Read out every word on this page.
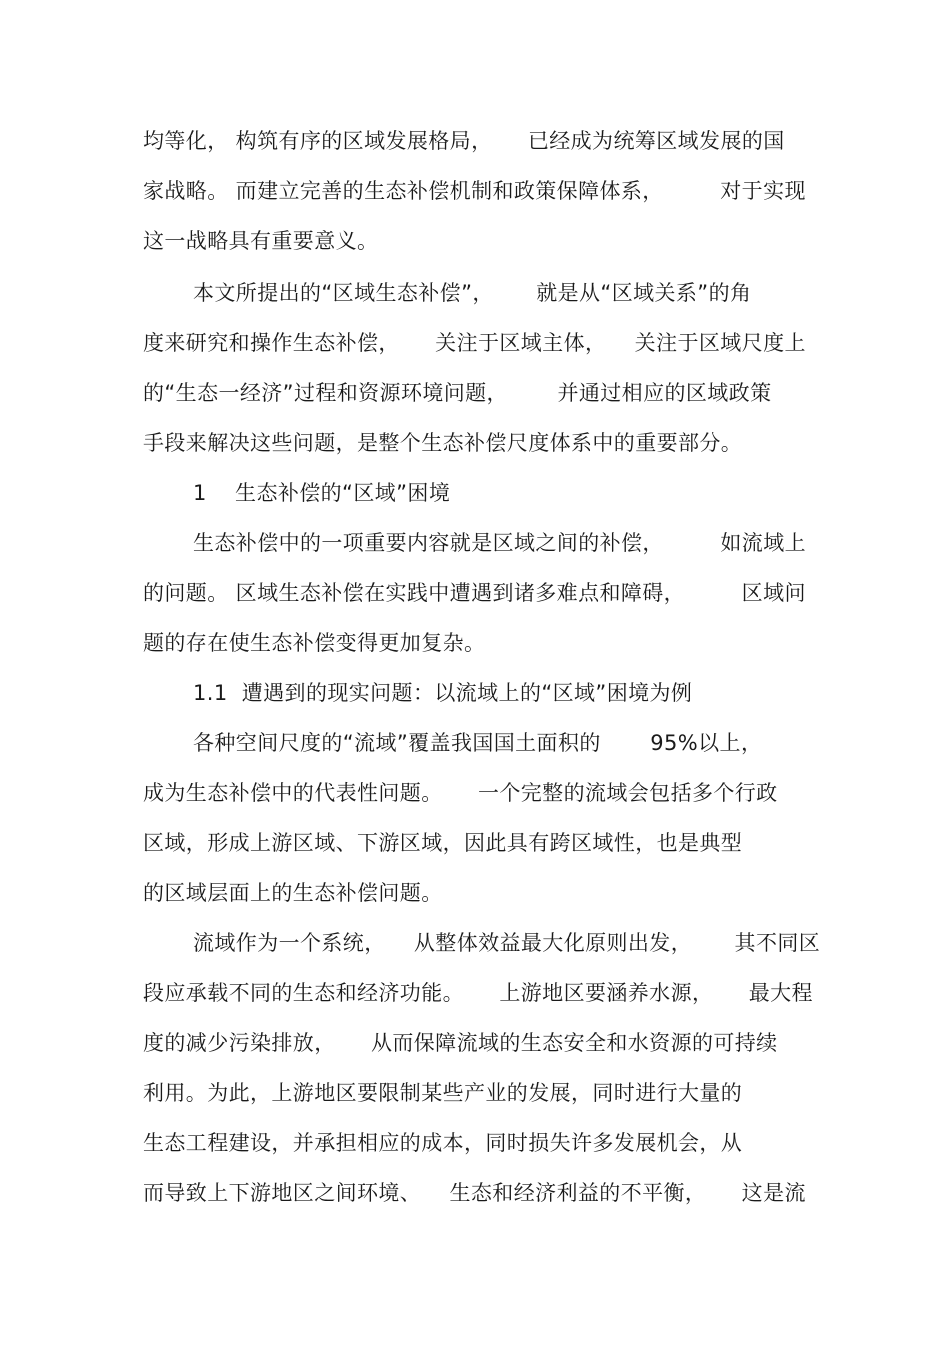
均等化， 构筑有序的区域发展格局，     已经成为统筹区域发展的国
家战略。 而建立完善的生态补偿机制和政策保障体系，        对于实现
这一战略具有重要意义。
本文所提出的“区域生态补偿”，      就是从“区域关系”的角
度来研究和操作生态补偿，     关注于区域主体，    关注于区域尺度上
的“生态一经济”过程和资源环境问题，       并通过相应的区域政策
手段来解决这些问题，是整个生态补偿尺度体系中的重要部分。
1    生态补偿的“区域”困境
生态补偿中的一项重要内容就是区域之间的补偿，        如流域上
的问题。 区域生态补偿在实践中遭遇到诸多难点和障碍，        区域问
题的存在使生态补偿变得更加复杂。
1.1  遭遇到的现实问题：以流域上的“区域”困境为例
各种空间尺度的“流域”覆盖我国国土面积的       95%以上，
成为生态补偿中的代表性问题。     一个完整的流域会包括多个行政
区域，形成上游区域、下游区域，因此具有跨区域性，也是典型
的区域层面上的生态补偿问题。
流域作为一个系统，    从整体效益最大化原则出发，      其不同区
段应承载不同的生态和经济功能。     上游地区要涵养水源，     最大程
度的减少污染排放，     从而保障流域的生态安全和水资源的可持续
利用。为此，上游地区要限制某些产业的发展，同时进行大量的
生态工程建设，并承担相应的成本，同时损失许多发展机会，从
而导致上下游地区之间环境、    生态和经济利益的不平衡，     这是流
